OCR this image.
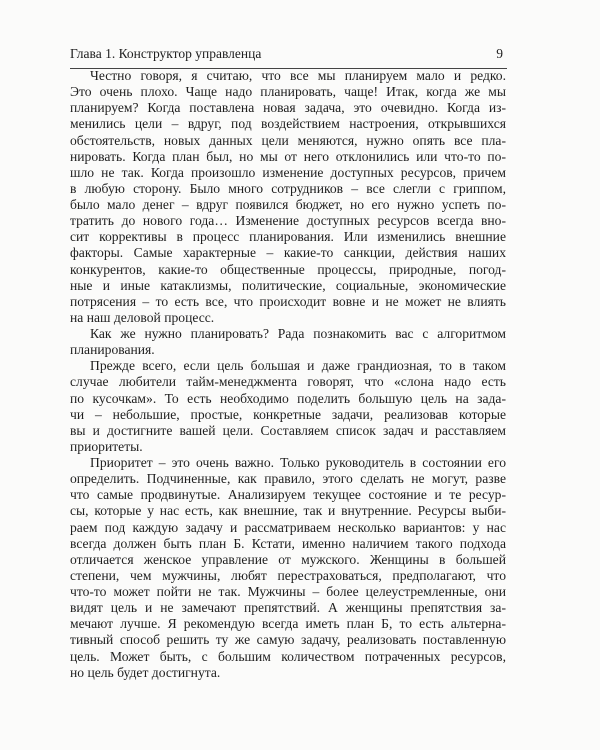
Глава 1. Конструктор управленца	9
Честно говоря, я считаю, что все мы планируем мало и редко.
Это очень плохо. Чаще надо планировать, чаще! Итак, когда же мы
планируем? Когда поставлена новая задача, это очевидно. Когда из-
менились цели – вдруг, под воздействием настроения, открывшихся
обстоятельств, новых данных цели меняются, нужно опять все пла-
нировать. Когда план был, но мы от него отклонились или что-то по-
шло не так. Когда произошло изменение доступных ресурсов, причем
в любую сторону. Было много сотрудников – все слегли с гриппом,
было мало денег – вдруг появился бюджет, но его нужно успеть по-
тратить до нового года… Изменение доступных ресурсов всегда вно-
сит коррективы в процесс планирования. Или изменились внешние
факторы. Самые характерные – какие-то санкции, действия наших
конкурентов, какие-то общественные процессы, природные, погод-
ные и иные катаклизмы, политические, социальные, экономические
потрясения – то есть все, что происходит вовне и не может не влиять
на наш деловой процесс.
Как же нужно планировать? Рада познакомить вас с алгоритмом
планирования.
Прежде всего, если цель большая и даже грандиозная, то в таком
случае любители тайм-менеджмента говорят, что «слона надо есть
по кусочкам». То есть необходимо поделить большую цель на зада-
чи – небольшие, простые, конкретные задачи, реализовав которые
вы и достигните вашей цели. Составляем список задач и расставляем
приоритеты.
Приоритет – это очень важно. Только руководитель в состоянии его
определить. Подчиненные, как правило, этого сделать не могут, разве
что самые продвинутые. Анализируем текущее состояние и те ресур-
сы, которые у нас есть, как внешние, так и внутренние. Ресурсы выби-
раем под каждую задачу и рассматриваем несколько вариантов: у нас
всегда должен быть план Б. Кстати, именно наличием такого подхода
отличается женское управление от мужского. Женщины в большей
степени, чем мужчины, любят перестраховаться, предполагают, что
что-то может пойти не так. Мужчины – более целеустремленные, они
видят цель и не замечают препятствий. А женщины препятствия за-
мечают лучше. Я рекомендую всегда иметь план Б, то есть альтерна-
тивный способ решить ту же самую задачу, реализовать поставленную
цель. Может быть, с большим количеством потраченных ресурсов,
но цель будет достигнута.
